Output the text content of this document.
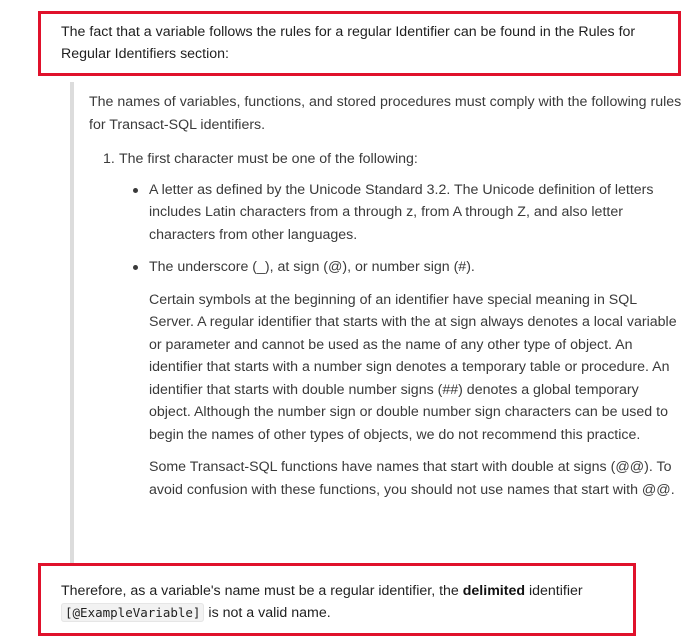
The fact that a variable follows the rules for a regular Identifier can be found in the Rules for Regular Identifiers section:

The names of variables, functions, and stored procedures must comply with the following rules for Transact-SQL identifiers.

1. The first character must be one of the following:

A letter as defined by the Unicode Standard 3.2. The Unicode definition of letters includes Latin characters from a through z, from A through Z, and also letter characters from other languages.

The underscore (_), at sign (@), or number sign (#).

Certain symbols at the beginning of an identifier have special meaning in SQL Server. A regular identifier that starts with the at sign always denotes a local variable or parameter and cannot be used as the name of any other type of object. An identifier that starts with a number sign denotes a temporary table or procedure. An identifier that starts with double number signs (##) denotes a global temporary object. Although the number sign or double number sign characters can be used to begin the names of other types of objects, we do not recommend this practice.

Some Transact-SQL functions have names that start with double at signs (@@). To avoid confusion with these functions, you should not use names that start with @@.

Therefore, as a variable's name must be a regular identifier, the delimited identifier
[@ExampleVariable] is not a valid name.
